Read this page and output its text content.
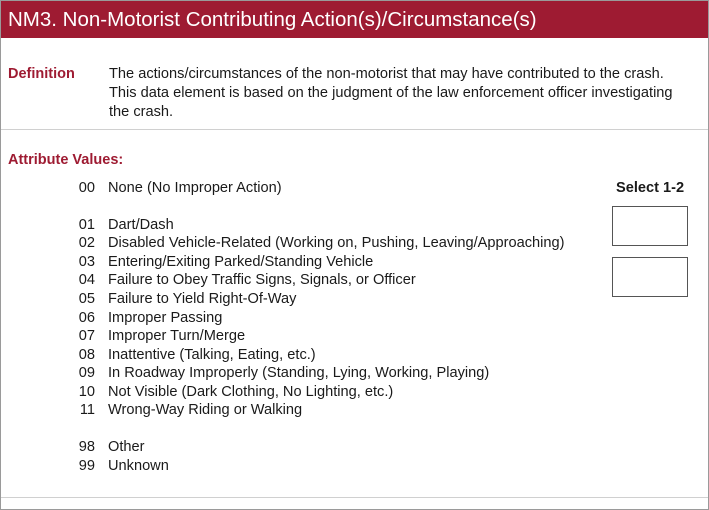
NM3. Non-Motorist Contributing Action(s)/Circumstance(s)
Definition The actions/circumstances of the non-motorist that may have contributed to the crash. This data element is based on the judgment of the law enforcement officer investigating the crash.
Attribute Values:
00 None (No Improper Action)
01 Dart/Dash
02 Disabled Vehicle-Related (Working on, Pushing, Leaving/Approaching)
03 Entering/Exiting Parked/Standing Vehicle
04 Failure to Obey Traffic Signs, Signals, or Officer
05 Failure to Yield Right-Of-Way
06 Improper Passing
07 Improper Turn/Merge
08 Inattentive (Talking, Eating, etc.)
09 In Roadway Improperly (Standing, Lying, Working, Playing)
10 Not Visible (Dark Clothing, No Lighting, etc.)
11 Wrong-Way Riding or Walking
98 Other
99 Unknown
Select 1-2
